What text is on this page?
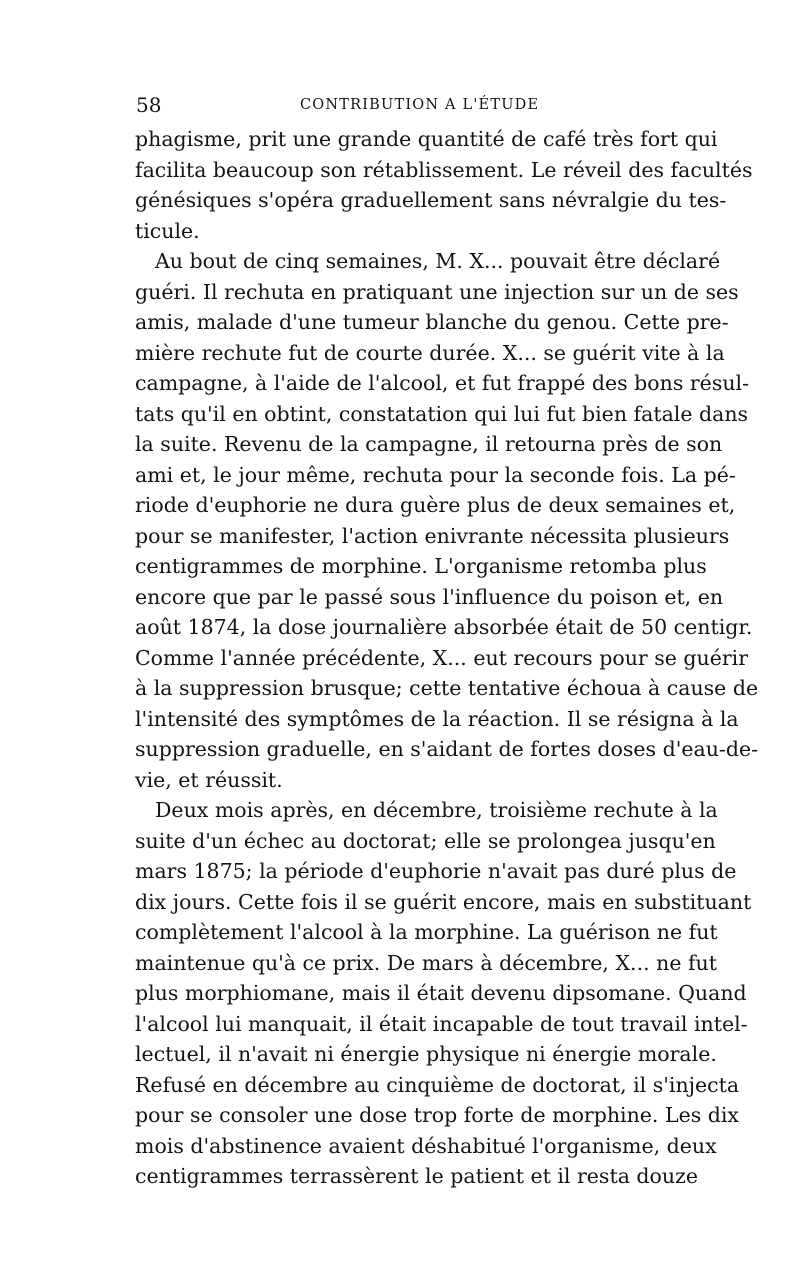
58	CONTRIBUTION A L'ÉTUDE
phagisme, prit une grande quantité de café très fort qui
facilita beaucoup son rétablissement. Le réveil des facultés
génésiques s'opéra graduellement sans névralgie du tes-
ticule.
Au bout de cinq semaines, M. X... pouvait être déclaré
guéri. Il rechuta en pratiquant une injection sur un de ses
amis, malade d'une tumeur blanche du genou. Cette pre-
mière rechute fut de courte durée. X... se guérit vite à la
campagne, à l'aide de l'alcool, et fut frappé des bons résul-
tats qu'il en obtint, constatation qui lui fut bien fatale dans
la suite. Revenu de la campagne, il retourna près de son
ami et, le jour même, rechuta pour la seconde fois. La pé-
riode d'euphorie ne dura guère plus de deux semaines et,
pour se manifester, l'action enivrante nécessita plusieurs
centigrammes de morphine. L'organisme retomba plus
encore que par le passé sous l'influence du poison et, en
août 1874, la dose journalière absorbée était de 50 centigr.
Comme l'année précédente, X... eut recours pour se guérir
à la suppression brusque; cette tentative échoua à cause de
l'intensité des symptômes de la réaction. Il se résigna à la
suppression graduelle, en s'aidant de fortes doses d'eau-de-
vie, et réussit.
Deux mois après, en décembre, troisième rechute à la
suite d'un échec au doctorat; elle se prolongea jusqu'en
mars 1875; la période d'euphorie n'avait pas duré plus de
dix jours. Cette fois il se guérit encore, mais en substituant
complètement l'alcool à la morphine. La guérison ne fut
maintenue qu'à ce prix. De mars à décembre, X... ne fut
plus morphiomane, mais il était devenu dipsomane. Quand
l'alcool lui manquait, il était incapable de tout travail intel-
lectuel, il n'avait ni énergie physique ni énergie morale.
Refusé en décembre au cinquième de doctorat, il s'injecta
pour se consoler une dose trop forte de morphine. Les dix
mois d'abstinence avaient déshabitué l'organisme, deux
centigrammes terrassèrent le patient et il resta douze
